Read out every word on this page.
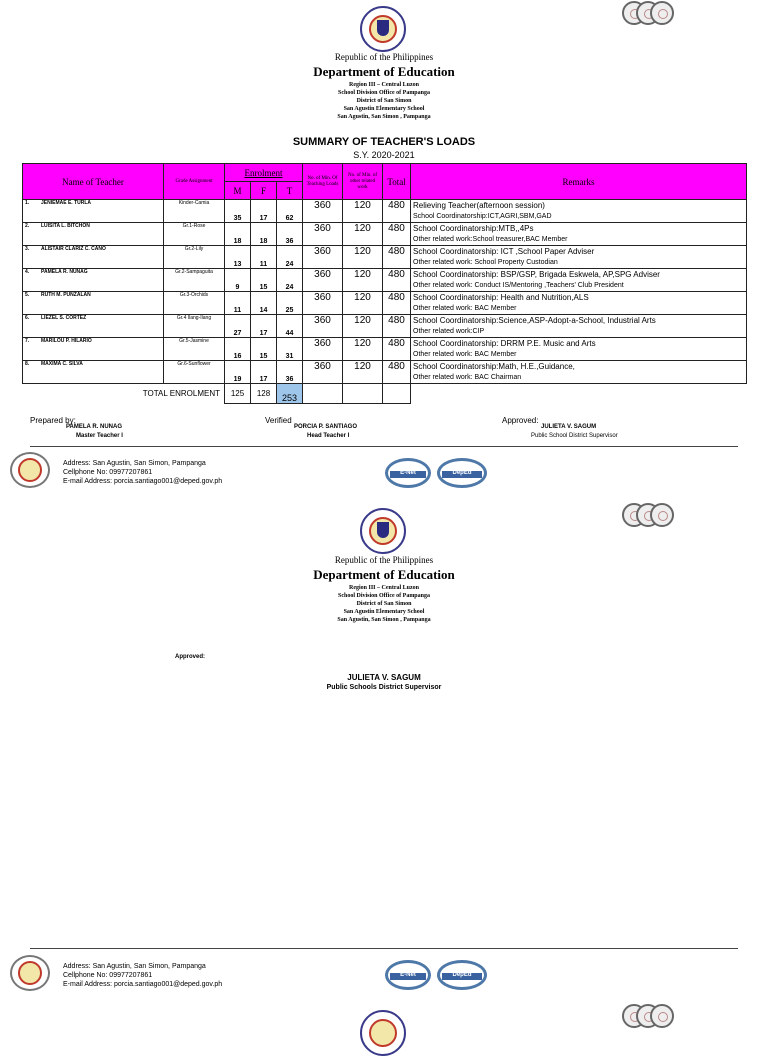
Republic of the Philippines
Department of Education
Region III – Central Luzon
School Division Office of Pampanga
District of San Simon
San Agustin Elementary School
San Agustin, San Simon , Pampanga
SUMMARY OF TEACHER'S LOADS
S.Y. 2020-2021
Name of Teacher	Grade Assignment	Enrolment			No. of Min. Of Teaching Loads	No. of Min. of other related work	Total	Remarks
		M	F	T				
1. JENIEMAE E. TURLA	Kinder-Camia	35	17	62	360	120	480	Relieving Teacher(afternoon session)
School Coordinatorship:ICT,AGRI,SBM,GAD

2. LUISITA L. BITCHON	Gr.1-Rose	18	18	36	360	120	480	School Coordinatorship:MTB,,4Ps
Other related work:School treasurer,BAC Member

3. ALISTAIR CLARIZ C. CANO	Gr.2-Lily	13	11	24	360	120	480	School Coordinatorship: ICT ,School Paper Adviser
Other related work: School Property Custodian

4. PAMELA R. NUNAG	Gr.2-Sampaguita	9	15	24	360	120	480	School Coordinatorship: BSP/GSP, Brigada Eskwela, AP,SPG Adviser
Other related work: Conduct IS/Mentoring ,Teachers' Club President

5. RUTH M. PUNZALAN	Gr.3-Orchids	11	14	25	360	120	480	School Coordinatorship: Health and Nutrition,ALS
Other related work: BAC Member

6. LIEZEL S. CORTEZ	Gr.4 Ilang-Ilang	27	17	44	360	120	480	School Coordinatorship:Science,ASP-Adopt-a-School, Industrial Arts
Other related work:CIP

7. MARILOU P. HILARIO	Gr.5-Jasmine	16	15	31	360	120	480	School Coordinatorship: DRRM P.E. Music and Arts
Other related work: BAC Member

8. MAXIMA C. SILVA	Gr.6-Sunflower	19	17	36	360	120	480	School Coordinatorship:Math, H.E.,Guidance,
Other related work: BAC Chairman

TOTAL ENROLMENT		125	128	253				
Prepared by:
PAMELA R. NUNAG
Master Teacher I
Verified
PORCIA P. SANTIAGO
Head Teacher I
Approved:
JULIETA V. SAGUM
Public School District Supervisor
Address: San Agustin, San Simon, Pampanga
Cellphone No: 09977207861
E-mail Address: porcia.santiago001@deped.gov.ph
E-Net	DepEd
Republic of the Philippines
Department of Education
Region III – Central Luzon
School Division Office of Pampanga
District of San Simon
San Agustin Elementary School
San Agustin, San Simon , Pampanga
Approved:
JULIETA V. SAGUM
Public Schools District Supervisor
Address: San Agustin, San Simon, Pampanga
Cellphone No: 09977207861
E-mail Address: porcia.santiago001@deped.gov.ph
E-Net	DepEd
